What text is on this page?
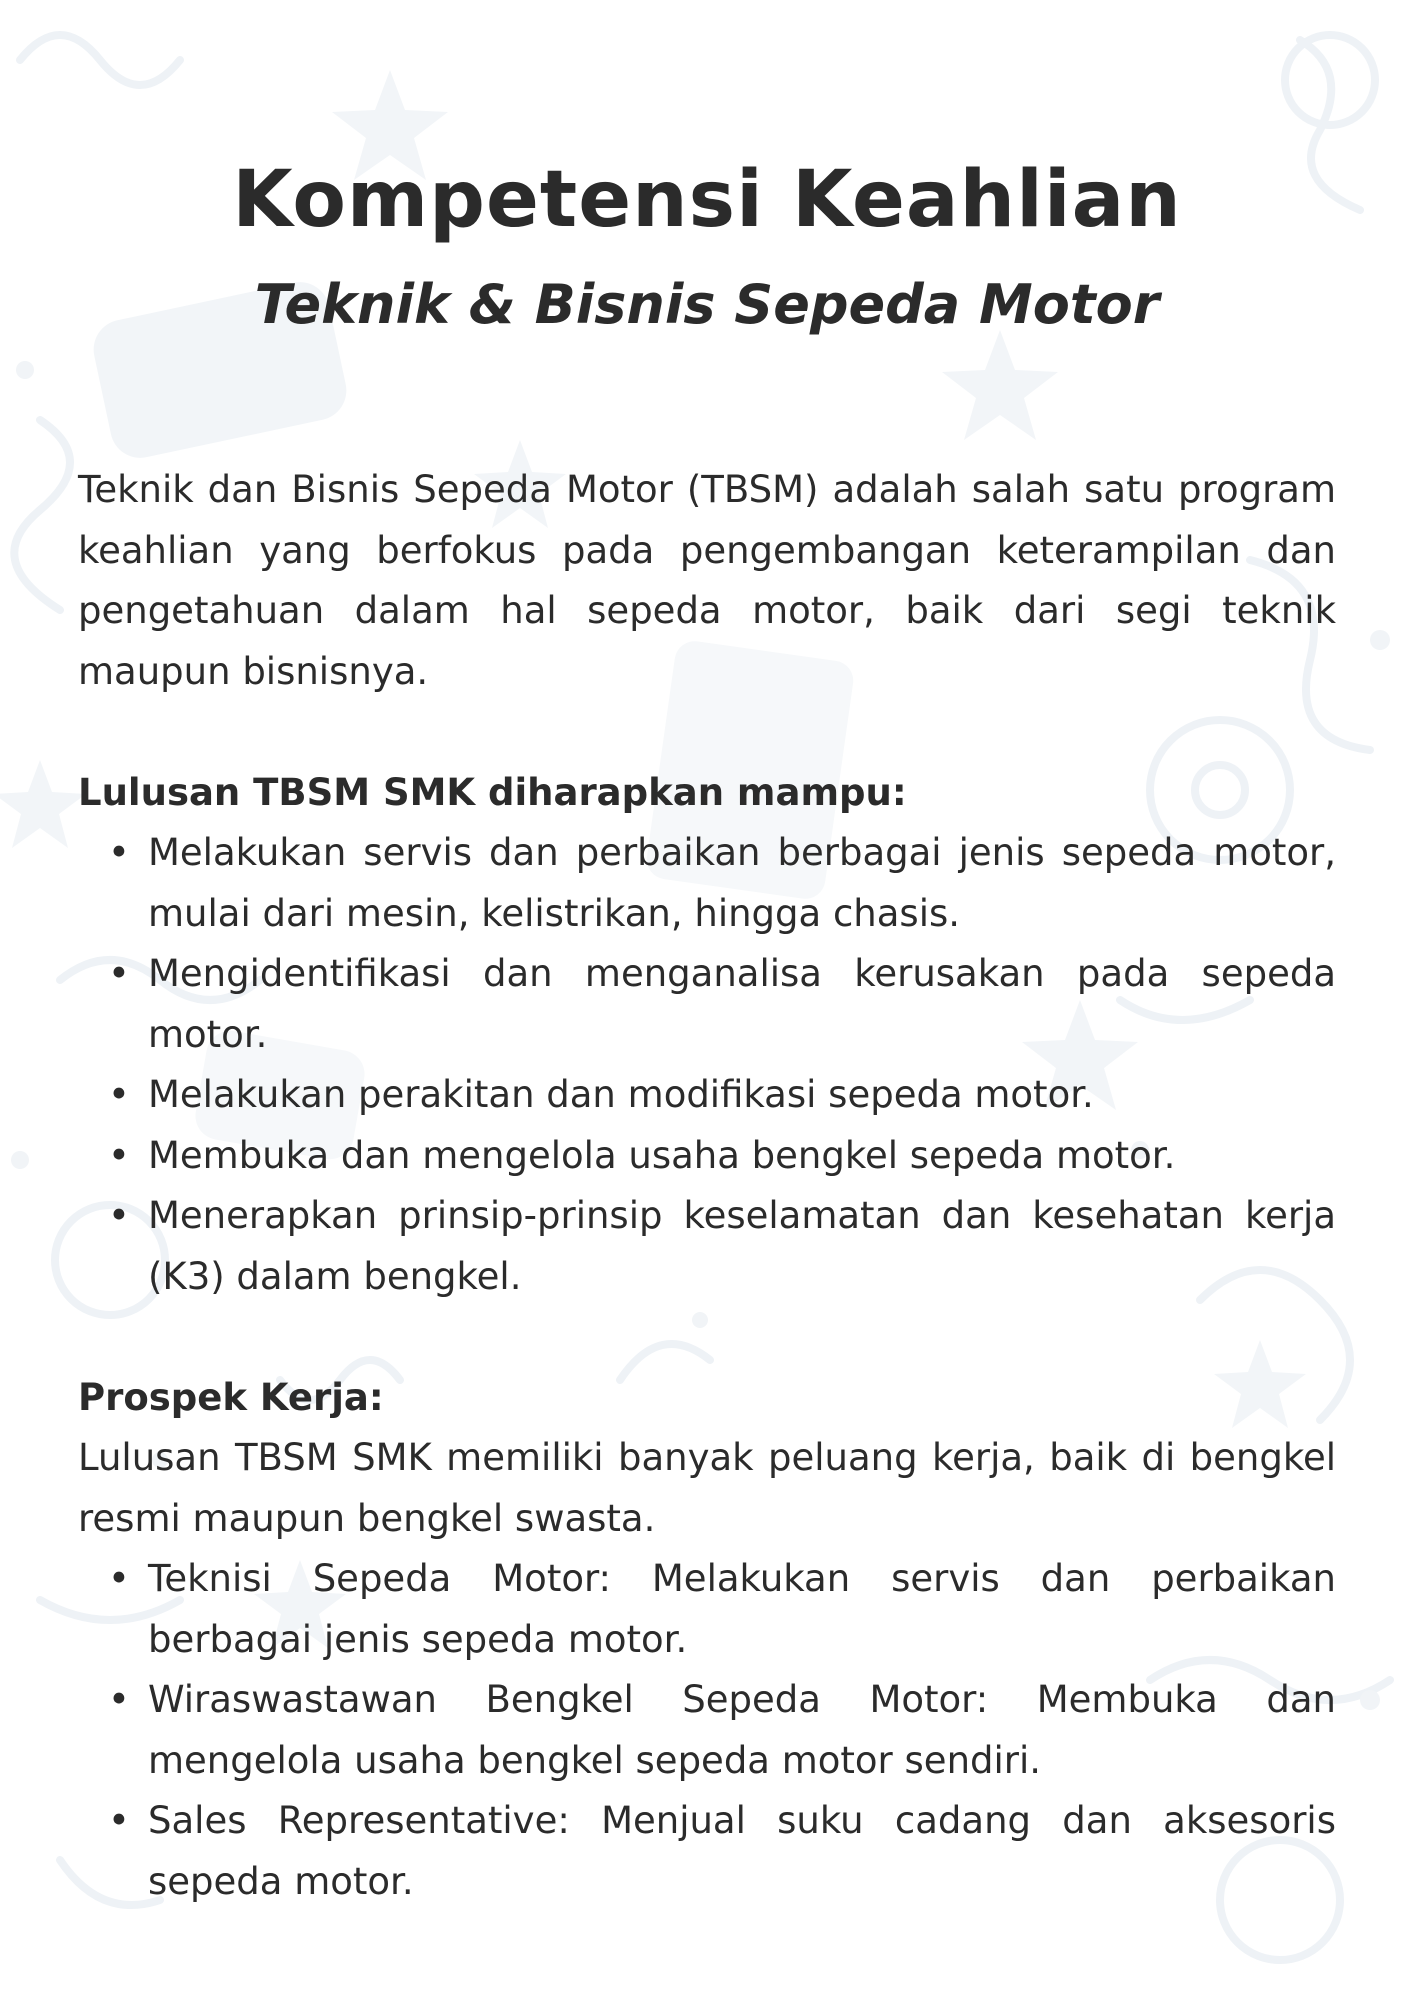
Kompetensi Keahlian
Teknik & Bisnis Sepeda Motor

Teknik dan Bisnis Sepeda Motor (TBSM) adalah salah satu program keahlian yang berfokus pada pengembangan keterampilan dan pengetahuan dalam hal sepeda motor, baik dari segi teknik maupun bisnisnya.

Lulusan TBSM SMK diharapkan mampu:

• Melakukan servis dan perbaikan berbagai jenis sepeda motor, mulai dari mesin, kelistrikan, hingga chasis.
• Mengidentifikasi dan menganalisa kerusakan pada sepeda motor.
• Melakukan perakitan dan modifikasi sepeda motor.
• Membuka dan mengelola usaha bengkel sepeda motor.
• Menerapkan prinsip-prinsip keselamatan dan kesehatan kerja (K3) dalam bengkel.

Prospek Kerja:

Lulusan TBSM SMK memiliki banyak peluang kerja, baik di bengkel resmi maupun bengkel swasta.

• Teknisi Sepeda Motor: Melakukan servis dan perbaikan berbagai jenis sepeda motor.
• Wiraswastawan Bengkel Sepeda Motor: Membuka dan mengelola usaha bengkel sepeda motor sendiri.
• Sales Representative: Menjual suku cadang dan aksesoris sepeda motor.
